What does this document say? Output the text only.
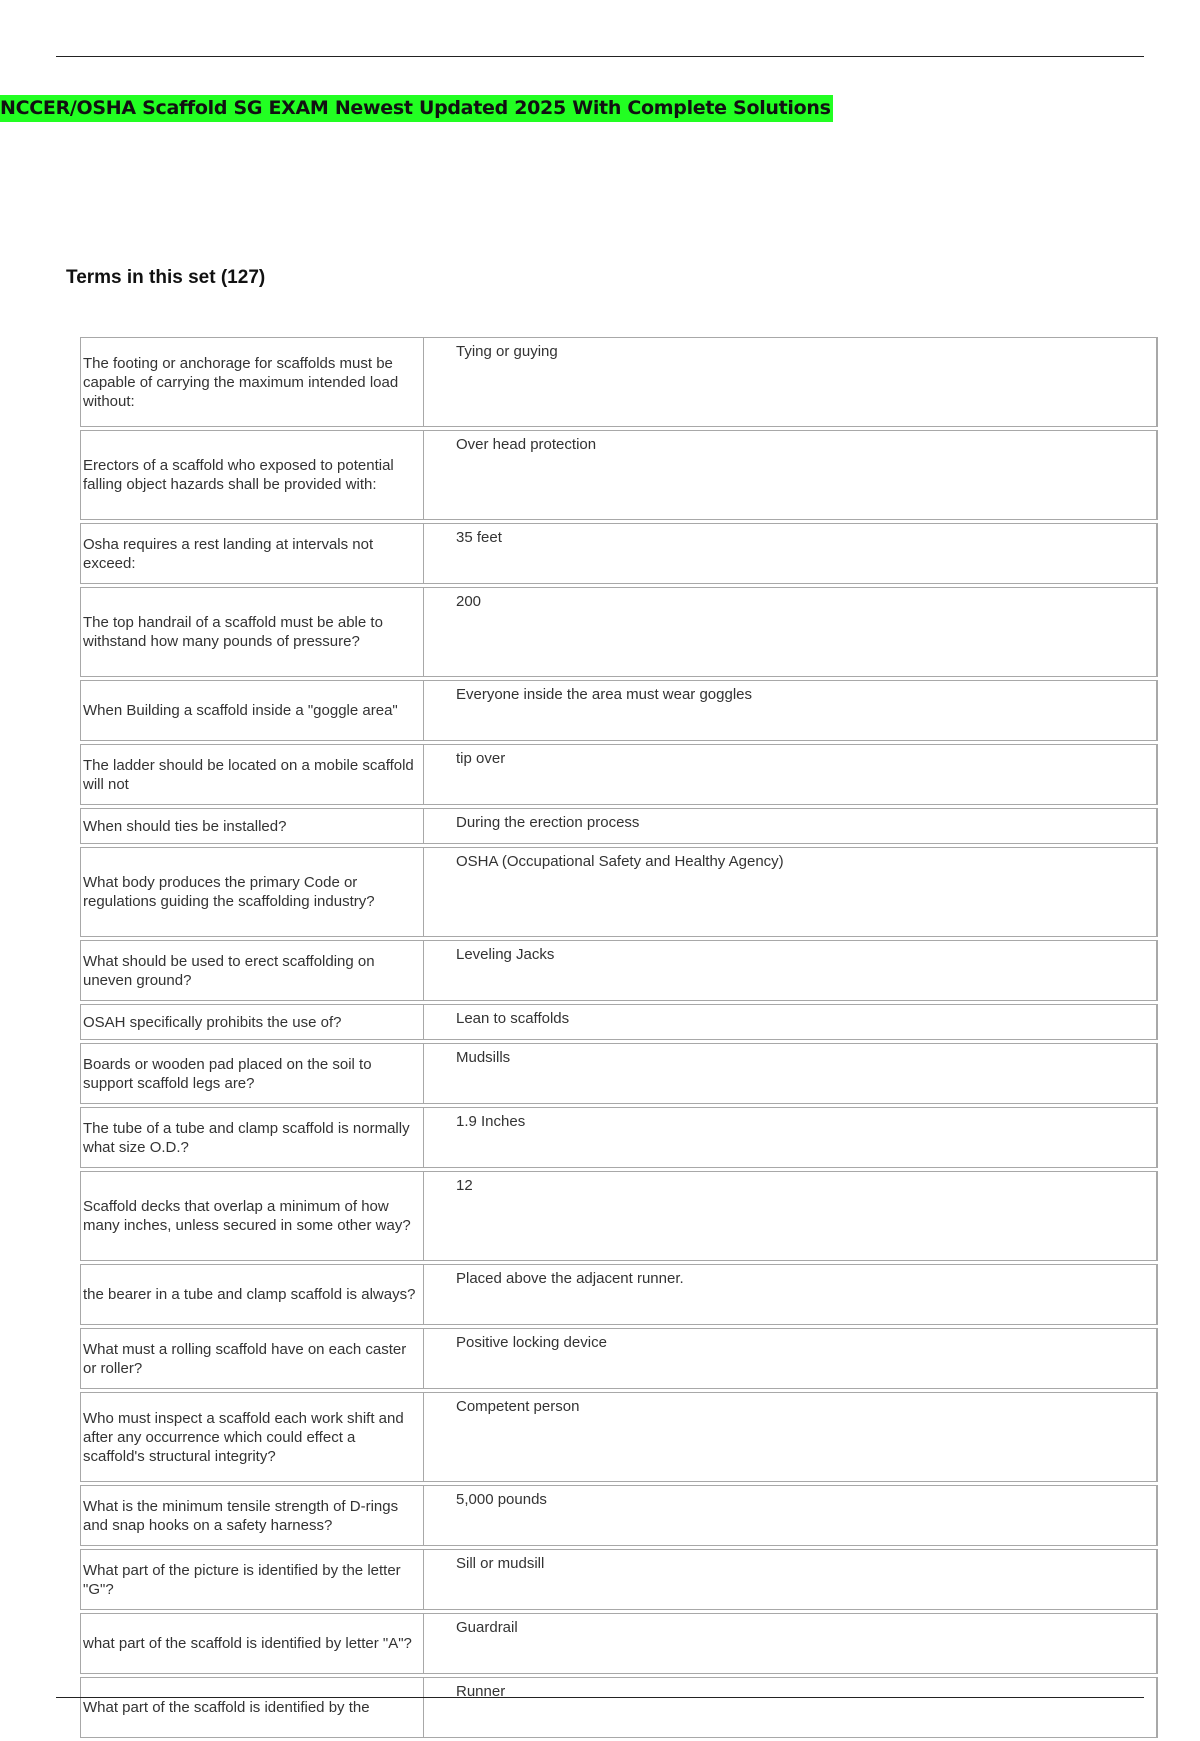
NCCER/OSHA Scaffold SG EXAM Newest Updated 2025 With Complete Solutions
Terms in this set (127)
The footing or anchorage for scaffolds must be capable of carrying the maximum intended load without:	Tying or guying

Erectors of a scaffold who exposed to potential falling object hazards shall be provided with:	Over head protection

Osha requires a rest landing at intervals not exceed:	35 feet

The top handrail of a scaffold must be able to withstand how many pounds of pressure?	200

When Building a scaffold inside a "goggle area"	Everyone inside the area must wear goggles

The ladder should be located on a mobile scaffold will not	tip over

When should ties be installed?	During the erection process

What body produces the primary Code or regulations guiding the scaffolding industry?	OSHA (Occupational Safety and Healthy Agency)

What should be used to erect scaffolding on uneven ground?	Leveling Jacks

OSAH specifically prohibits the use of?	Lean to scaffolds

Boards or wooden pad placed on the soil to support scaffold legs are?	Mudsills

The tube of a tube and clamp scaffold is normally what size O.D.?	1.9 Inches

Scaffold decks that overlap a minimum of how many inches, unless secured in some other way?	12

the bearer in a tube and clamp scaffold is always?	Placed above the adjacent runner.

What must a rolling scaffold have on each caster or roller?	Positive locking device

Who must inspect a scaffold each work shift and after any occurrence which could effect a scaffold's structural integrity?	Competent person

What is the minimum tensile strength of D-rings and snap hooks on a safety harness?	5,000 pounds

What part of the picture is identified by the letter "G"?	Sill or mudsill

what part of the scaffold is identified by letter "A"?	Guardrail

What part of the scaffold is identified by the	Runner
